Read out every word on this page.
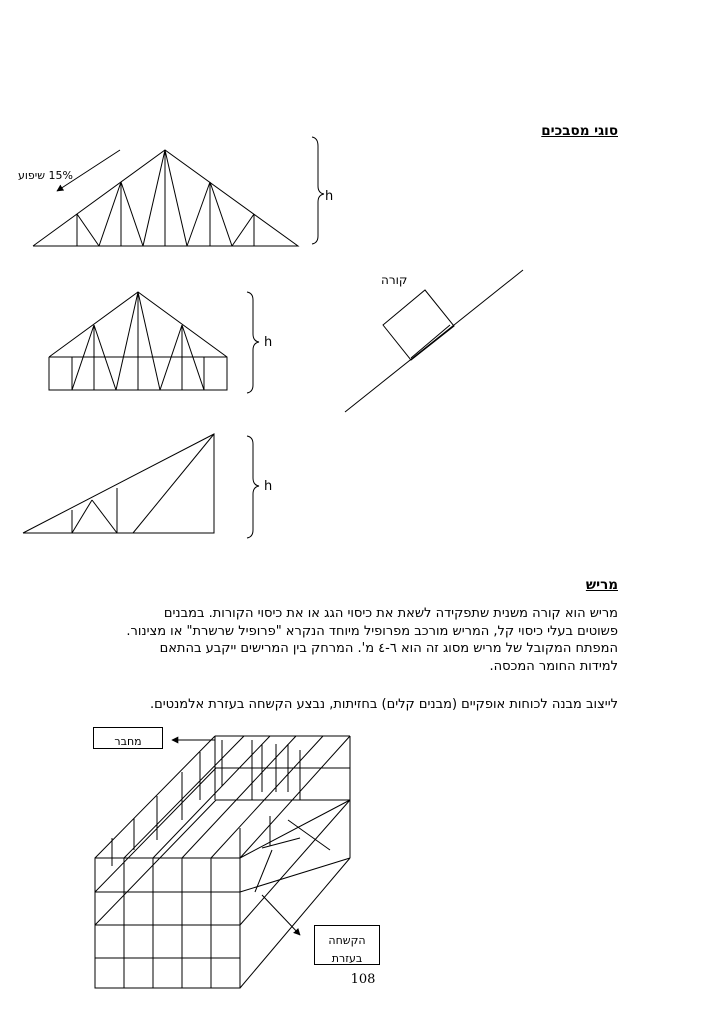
סוגי מסבכים
h
h
h
15% שיפוע
קורה
מריש
מריש הוא קורה משנית שתפקידה לשאת את כיסוי הגג או את כיסוי הקורות. במבנים
פשוטים בעלי כיסוי קל, המריש מורכב מפרופיל מיוחד הנקרא "פרופיל שרשרת" או מצינור.
המפתח המקובל של מריש מסוג זה הוא ٦-٤ מ'. המרחק בין המרישים ייקבע בהתאם
למידות החומר המכסה.
לייצוב מבנה לכוחות אופקיים (מבנים קלים) בחזיתות, נבצע הקשחה בעזרת אלמנטים.
מחבר
הקשחה
בעזרת
108
